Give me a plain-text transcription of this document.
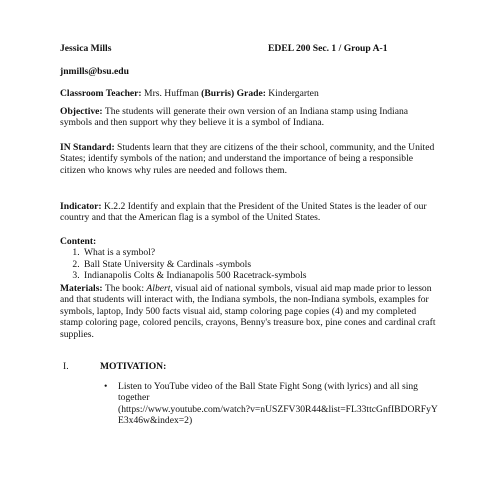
Jessica Mills	EDEL 200 Sec. 1 / Group A-1
jnmills@bsu.edu
Classroom Teacher: Mrs. Huffman (Burris) Grade: Kindergarten
Objective: The students will generate their own version of an Indiana stamp using Indiana symbols and then support why they believe it is a symbol of Indiana.
IN Standard: Students learn that they are citizens of the their school, community, and the United States; identify symbols of the nation; and understand the importance of being a responsible citizen who knows why rules are needed and follows them.
Indicator: K.2.2 Identify and explain that the President of the United States is the leader of our country and that the American flag is a symbol of the United States.
Content:
1. What is a symbol?
2. Ball State University & Cardinals -symbols
3. Indianapolis Colts & Indianapolis 500 Racetrack-symbols
Materials: The book: Albert, visual aid of national symbols, visual aid map made prior to lesson and that students will interact with, the Indiana symbols, the non-Indiana symbols, examples for symbols, laptop, Indy 500 facts visual aid, stamp coloring page copies (4) and my completed stamp coloring page, colored pencils, crayons, Benny's treasure box, pine cones and cardinal craft supplies.
I.	MOTIVATION:
• Listen to YouTube video of the Ball State Fight Song (with lyrics) and all sing together
(https://www.youtube.com/watch?v=nUSZFV30R44&list=FL33ttcGnfIBDORFyYE3x46w&index=2)
